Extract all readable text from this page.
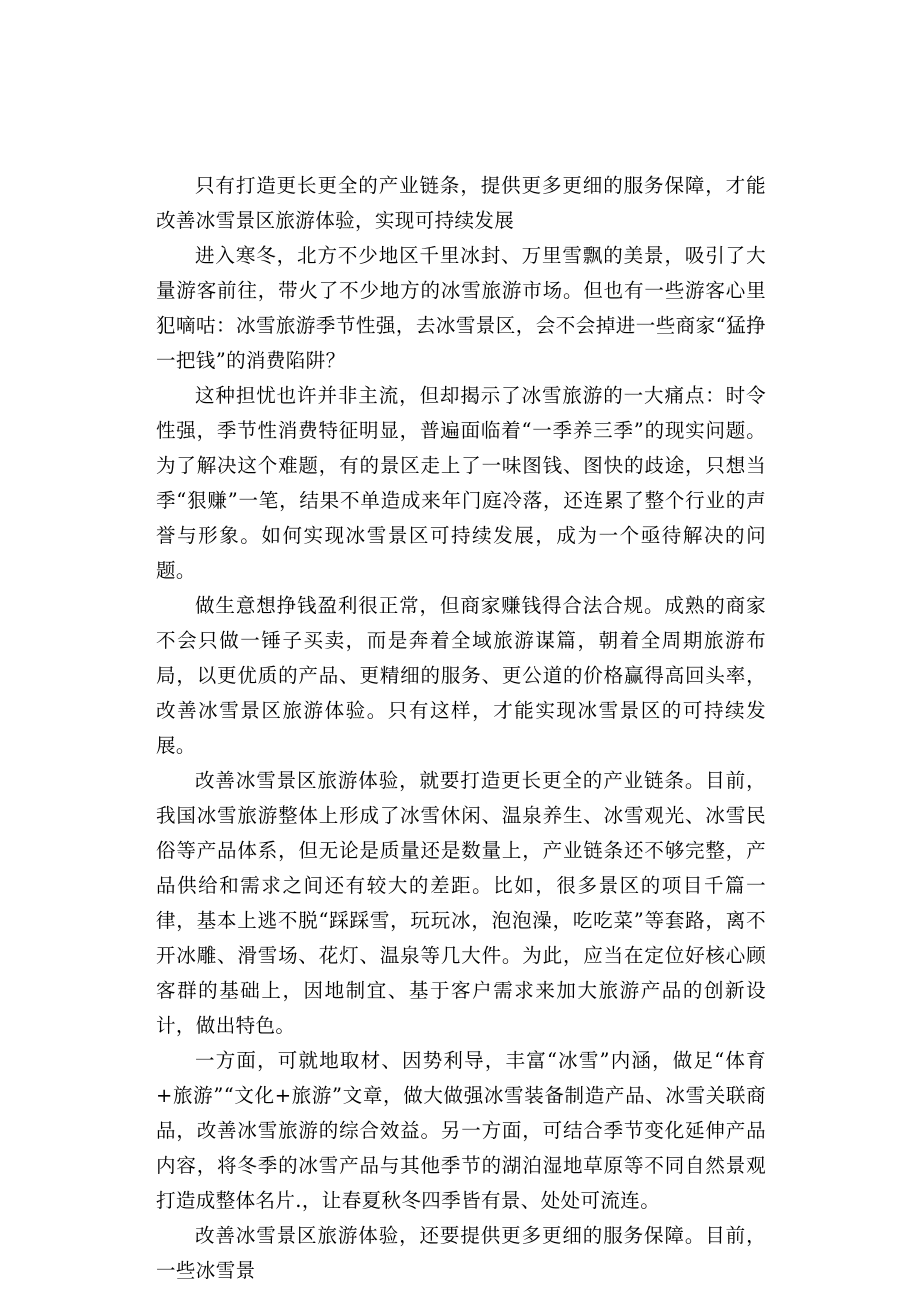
只有打造更长更全的产业链条，提供更多更细的服务保障，才能改善冰雪景区旅游体验，实现可持续发展

进入寒冬，北方不少地区千里冰封、万里雪飘的美景，吸引了大量游客前往，带火了不少地方的冰雪旅游市场。但也有一些游客心里犯嘀咕：冰雪旅游季节性强，去冰雪景区，会不会掉进一些商家“猛挣一把钱”的消费陷阱？

这种担忧也许并非主流，但却揭示了冰雪旅游的一大痛点：时令性强，季节性消费特征明显，普遍面临着“一季养三季”的现实问题。为了解决这个难题，有的景区走上了一味图钱、图快的歧途，只想当季“狠赚”一笔，结果不单造成来年门庭冷落，还连累了整个行业的声誉与形象。如何实现冰雪景区可持续发展，成为一个亟待解决的问题。

做生意想挣钱盈利很正常，但商家赚钱得合法合规。成熟的商家不会只做一锤子买卖，而是奔着全域旅游谋篇，朝着全周期旅游布局，以更优质的产品、更精细的服务、更公道的价格赢得高回头率，改善冰雪景区旅游体验。只有这样，才能实现冰雪景区的可持续发展。

改善冰雪景区旅游体验，就要打造更长更全的产业链条。目前，我国冰雪旅游整体上形成了冰雪休闲、温泉养生、冰雪观光、冰雪民俗等产品体系，但无论是质量还是数量上，产业链条还不够完整，产品供给和需求之间还有较大的差距。比如，很多景区的项目千篇一律，基本上逃不脱“踩踩雪，玩玩冰，泡泡澡，吃吃菜”等套路，离不开冰雕、滑雪场、花灯、温泉等几大件。为此，应当在定位好核心顾客群的基础上，因地制宜、基于客户需求来加大旅游产品的创新设计，做出特色。

一方面，可就地取材、因势利导，丰富“冰雪”内涵，做足“体育+旅游”“文化+旅游”文章，做大做强冰雪装备制造产品、冰雪关联商品，改善冰雪旅游的综合效益。另一方面，可结合季节变化延伸产品内容，将冬季的冰雪产品与其他季节的湖泊湿地草原等不同自然景观打造成整体名片.，让春夏秋冬四季皆有景、处处可流连。

改善冰雪景区旅游体验，还要提供更多更细的服务保障。目前，一些冰雪景
